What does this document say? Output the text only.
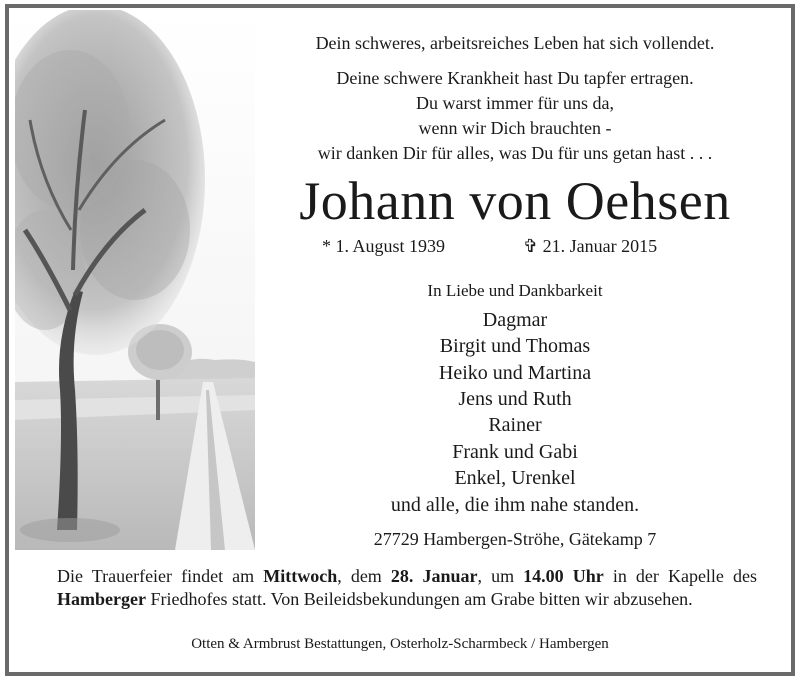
Dein schweres, arbeitsreiches Leben hat sich vollendet.
Deine schwere Krankheit hast Du tapfer ertragen.
Du warst immer für uns da,
wenn wir Dich brauchten -
wir danken Dir für alles, was Du für uns getan hast . . .
Johann von Oehsen
* 1. August 1939	✞ 21. Januar 2015
In Liebe und Dankbarkeit
Dagmar
Birgit und Thomas
Heiko und Martina
Jens und Ruth
Rainer
Frank und Gabi
Enkel, Urenkel
und alle, die ihm nahe standen.
27729 Hambergen-Ströhe, Gätekamp 7
Die Trauerfeier findet am Mittwoch, dem 28. Januar, um 14.00 Uhr in der Kapelle des Hamberger Friedhofes statt. Von Beileidsbekundungen am Grabe bitten wir abzusehen.
Otten & Armbrust Bestattungen, Osterholz-Scharmbeck / Hambergen
